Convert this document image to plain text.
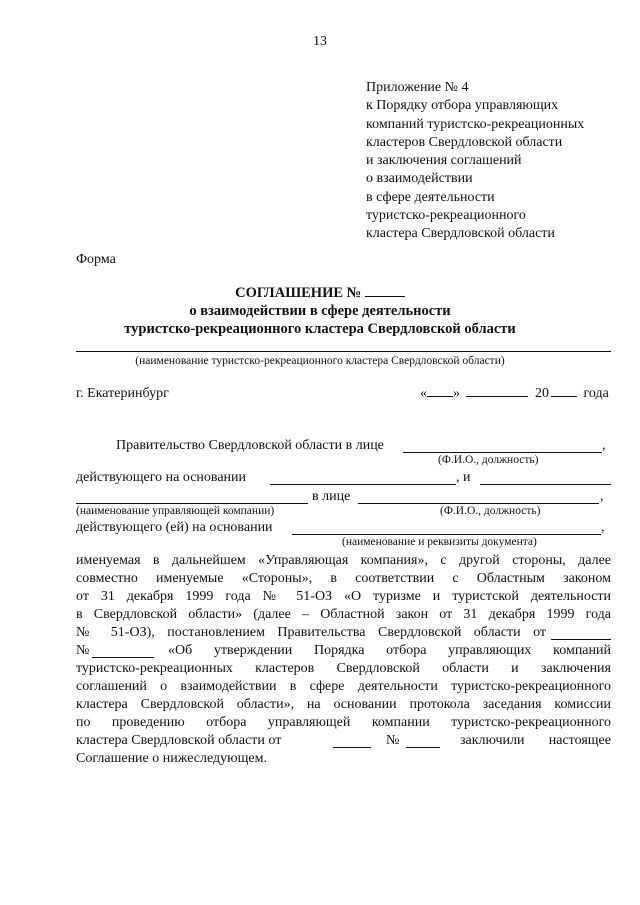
13
Приложение № 4
к Порядку отбора управляющих
компаний туристско-рекреационных
кластеров Свердловской области
и заключения соглашений
о взаимодействии
в сфере деятельности
туристско-рекреационного
кластера Свердловской области
Форма
СОГЛАШЕНИЕ №
о взаимодействии в сфере деятельности
туристско-рекреационного кластера Свердловской области
(наименование туристско-рекреационного кластера Свердловской области)
г. Екатеринбург	« »	20 года
Правительство Свердловской области в лице	,
(Ф.И.О., должность)
действующего на основании	, и
в лице	,
(наименование управляющей компании)	(Ф.И.О., должность)
действующего (ей) на основании	,
(наименование и реквизиты документа)
именуемая в дальнейшем «Управляющая компания», с другой стороны, далее
совместно именуемые «Стороны», в соответствии с Областным законом
от 31 декабря 1999 года № 51-ОЗ «О туризме и туристской деятельности
в Свердловской области» (далее – Областной закон от 31 декабря 1999 года
№ 51-ОЗ), постановлением Правительства Свердловской области от
№	«Об утверждении Порядка отбора управляющих компаний
туристско-рекреационных кластеров Свердловской области и заключения
соглашений о взаимодействии в сфере деятельности туристско-рекреационного
кластера Свердловской области», на основании протокола заседания комиссии
по проведению отбора управляющей компании туристско-рекреационного
кластера Свердловской области от	№	заключили настоящее
Соглашение о нижеследующем.
